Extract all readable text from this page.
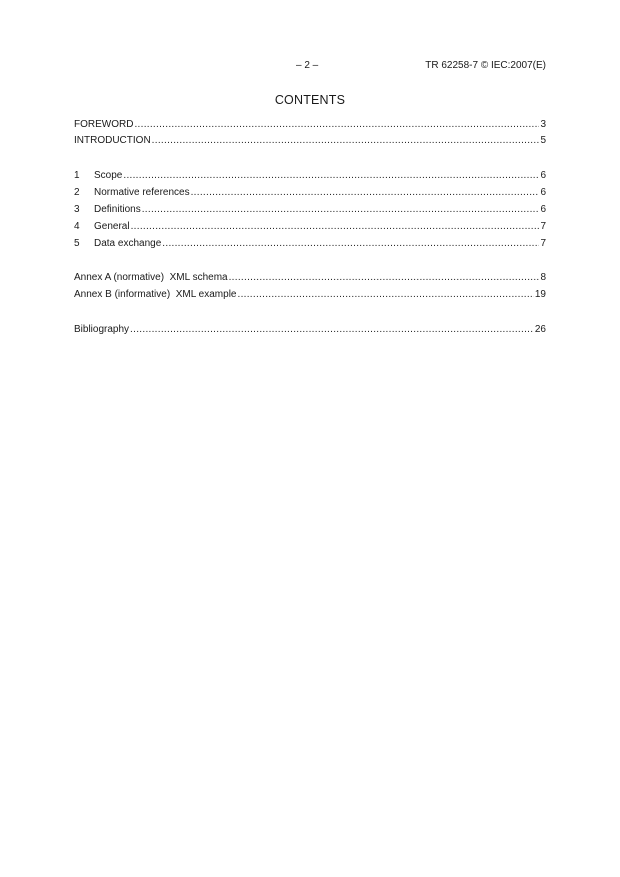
– 2 –	TR 62258-7 © IEC:2007(E)
CONTENTS
FOREWORD .....	3
INTRODUCTION .....	5
1	Scope .....	6
2	Normative references .....	6
3	Definitions .....	6
4	General .....	7
5	Data exchange .....	7
Annex A (normative)  XML schema .....	8
Annex B (informative)  XML example .....	19
Bibliography .....	26
